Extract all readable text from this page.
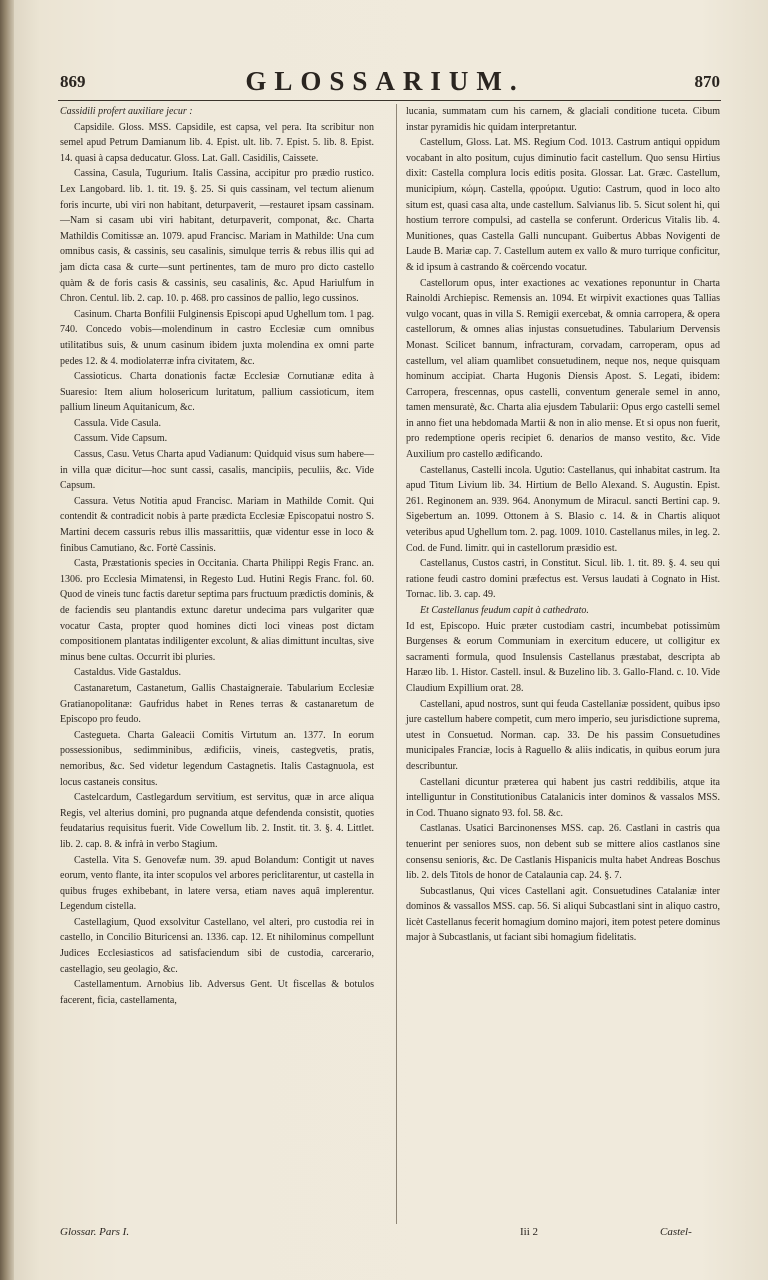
869	GLOSSARIUM.	870

Cassidili profert auxiliare jecur :

Capsidile. Gloss. MSS. Capsidile, est capsa, vel pera. Ita scribitur non semel apud Petrum Damianum lib. 4. Epist. ult. lib. 7. Epist. 5. lib. 8. Epist. 14. quasi à capsa deducatur. Gloss. Lat. Gall. Casidilis, Caissete.

Cassina, Casula, Tugurium. Italis Cassina, accipitur pro prædio rustico. Lex Langobard. lib. 1. tit. 19. §. 25. Si quis cassinam, vel tectum alienum foris incurte, ubi viri non habitant, deturpaverit, —restauret ipsam cassinam. —Nam si casam ubi viri habitant, deturpaverit, componat, &c. Charta Mathildis Comitissæ an. 1079. apud Francisc. Mariam in Mathilde: Una cum omnibus casis, & cassinis, seu casalinis, simulque terris & rebus illis qui ad jam dicta casa & curte—sunt pertinentes, tam de muro pro dicto castello quàm & de foris casis & cassinis, seu casalinis, &c. Apud Hariulfum in Chron. Centul. lib. 2. cap. 10. p. 468. pro cassinos de pallio, lego cussinos.

Casinum. Charta Bonfilii Fulginensis Episcopi apud Ughellum tom. 1 pag. 740. Concedo vobis—molendinum in castro Ecclesiæ cum omnibus utilitatibus suis, & unum casinum ibidem juxta molendina ex omni parte pedes 12. & 4. modiolaterræ infra civitatem, &c.

Cassioticus. Charta donationis factæ Ecclesiæ Cornutianæ edita à Suaresio: Item alium holosericum luritatum, pallium cassioticum, item pallium lineum Aquitanicum, &c.

Cassula. Vide Casula.

Cassum. Vide Capsum.

Cassus, Casu. Vetus Charta apud Vadianum: Quidquid visus sum habere—in villa quæ dicitur—hoc sunt cassi, casalis, mancipiis, peculiis, &c. Vide Capsum.

Cassura. Vetus Notitia apud Francisc. Mariam in Mathilde Comit. Qui contendit & contradicit nobis à parte prædicta Ecclesiæ Episcopatui nostro S. Martini decem cassuris rebus illis massarittiis, quæ videntur esse in loco & finibus Camutiano, &c. Fortè Cassinis.

Casta, Præstationis species in Occitania. Charta Philippi Regis Franc. an. 1306. pro Ecclesia Mimatensi, in Regesto Lud. Hutini Regis Franc. fol. 60. Quod de vineis tunc factis daretur septima pars fructuum prædictis dominis, & de faciendis seu plantandis extunc daretur undecima pars vulgariter quæ vocatur Casta, propter quod homines dicti loci vineas post dictam compositionem plantatas indiligenter excolunt, & alias dimittunt incultas, sive minus bene cultas. Occurrit ibi pluries.

Castaldus. Vide Gastaldus.

Castanaretum, Castanetum, Gallis Chastaigneraie. Tabularium Ecclesiæ Gratianopolitanæ: Gaufridus habet in Renes terras & castanaretum de Episcopo pro feudo.

Castegueta. Charta Galeacii Comitis Virtutum an. 1377. In eorum possessionibus, sedimminibus, ædificiis, vineis, castegvetis, pratis, nemoribus, &c. Sed videtur legendum Castagnetis. Italis Castagnuola, est locus castaneis consitus.

Castelcardum, Castlegardum servitium, est servitus, quæ in arce aliqua Regis, vel alterius domini, pro pugnanda atque defendenda consistit, quoties feudatarius requisitus fuerit. Vide Cowellum lib. 2. Instit. tit. 3. §. 4. Littlet. lib. 2. cap. 8. & infrà in verbo Stagium.

Castella. Vita S. Genovefæ num. 39. apud Bolandum: Contigit ut naves eorum, vento flante, ita inter scopulos vel arbores periclitarentur, ut castella in quibus fruges exhibebant, in latere versa, etiam naves aquâ implerentur. Legendum cistella.

Castellagium, Quod exsolvitur Castellano, vel alteri, pro custodia rei in castello, in Concilio Bituricensi an. 1336. cap. 12. Et nihilominus compellunt Judices Ecclesiasticos ad satisfaciendum sibi de custodia, carcerario, castellagio, seu geolagio, &c.

Castellamentum. Arnobius lib. Adversus Gent. Ut fiscellas & botulos facerent, ficia, castellamenta,

lucania, summatam cum his carnem, & glaciali conditione tuceta. Cibum instar pyramidis hic quidam interpretantur.

Castellum, Gloss. Lat. MS. Regium Cod. 1013. Castrum antiqui oppidum vocabant in alto positum, cujus diminutio facit castellum. Quo sensu Hirtius dixit: Castella complura locis editis posita. Glossar. Lat. Græc. Castellum, municipium, κώμη. Castella, φρούρια. Ugutio: Castrum, quod in loco alto situm est, quasi casa alta, unde castellum. Salvianus lib. 5. Sicut solent hi, qui hostium terrore compulsi, ad castella se conferunt. Ordericus Vitalis lib. 4. Munitiones, quas Castella Galli nuncupant. Guibertus Abbas Novigenti de Laude B. Mariæ cap. 7. Castellum autem ex vallo & muro turrique conficitur, & id ipsum à castrando & coërcendo vocatur.

Castellorum opus, inter exactiones ac vexationes reponuntur in Charta Rainoldi Archiepisc. Remensis an. 1094. Et wirpivit exactiones quas Tallias vulgo vocant, quas in villa S. Remigii exercebat, & omnia carropera, & opera castellorum, & omnes alias injustas consuetudines. Tabularium Dervensis Monast. Scilicet bannum, infracturam, corvadam, carroperam, opus ad castellum, vel aliam quamlibet consuetudinem, neque nos, neque quisquam hominum accipiat. Charta Hugonis Diensis Apost. S. Legati, ibidem: Carropera, frescennas, opus castelli, conventum generale semel in anno, tamen mensuratè, &c. Charta alia ejusdem Tabularii: Opus ergo castelli semel in anno fiet una hebdomada Martii & non in alio mense. Et si opus non fuerit, pro redemptione operis recipiet 6. denarios de manso vestito, &c. Vide Auxilium pro castello ædificando.

Castellanus, Castelli incola. Ugutio: Castellanus, qui inhabitat castrum. Ita apud Titum Livium lib. 34. Hirtium de Bello Alexand. S. Augustin. Epist. 261. Reginonem an. 939. 964. Anonymum de Miracul. sancti Bertini cap. 9. Sigebertum an. 1099. Ottonem à S. Blasio c. 14. & in Chartis aliquot veteribus apud Ughellum tom. 2. pag. 1009. 1010. Castellanus miles, in leg. 2. Cod. de Fund. limitr. qui in castellorum præsidio est.

Castellanus, Custos castri, in Constitut. Sicul. lib. 1. tit. 89. §. 4. seu qui ratione feudi castro domini præfectus est. Versus laudati à Cognato in Hist. Tornac. lib. 3. cap. 49.

Et Castellanus feudum capit à cathedrato.

Id est, Episcopo. Huic præter custodiam castri, incumbebat potissimùm Burgenses & eorum Communiam in exercitum educere, ut colligitur ex sacramenti formula, quod Insulensis Castellanus præstabat, descripta ab Haræo lib. 1. Histor. Castell. insul. & Buzelino lib. 3. Gallo-Fland. c. 10. Vide Claudium Expillium orat. 28.

Castellani, apud nostros, sunt qui feuda Castellaniæ possident, quibus ipso jure castellum habere competit, cum mero imperio, seu jurisdictione suprema, utest in Consuetud. Norman. cap. 33. De his passim Consuetudines municipales Franciæ, locis à Raguello & aliis indicatis, in quibus eorum jura describuntur.

Castellani dicuntur præterea qui habent jus castri reddibilis, atque ita intelliguntur in Constitutionibus Catalanicis inter dominos & vassalos MSS. in Cod. Thuano signato 93. fol. 58. &c.

Castlanas. Usatici Barcinonenses MSS. cap. 26. Castlani in castris qua tenuerint per seniores suos, non debent sub se mittere alios castlanos sine consensu senioris, &c. De Castlanis Hispanicis multa habet Andreas Boschus lib. 2. dels Titols de honor de Catalaunia cap. 24. §. 7.

Subcastlanus, Qui vices Castellani agit. Consuetudines Catalaniæ inter dominos & vassallos MSS. cap. 56. Si aliqui Subcastlani sint in aliquo castro, licèt Castellanus fecerit homagium domino majori, item potest petere dominus major à Subcastlanis, ut faciant sibi homagium fidelitatis.

Glossar. Pars I.	Iii 2	Castel-
